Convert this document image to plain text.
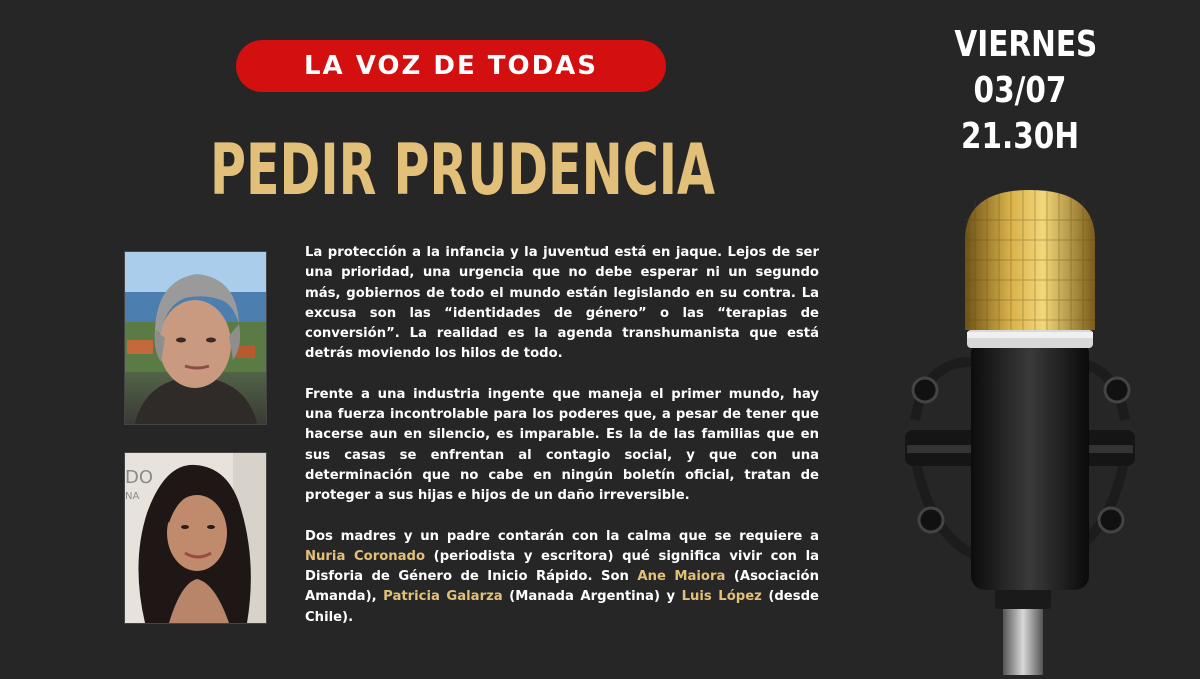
LA VOZ DE TODAS
PEDIR PRUDENCIA
VIERNES
03/07
21.30H
DO
NA

La protección a la infancia y la juventud está en jaque. Lejos de ser una prioridad, una urgencia que no debe esperar ni un segundo más, gobiernos de todo el mundo están legislando en su contra. La excusa son las “identidades de género” o las “terapias de conversión”. La realidad es la agenda transhumanista que está detrás moviendo los hilos de todo.

Frente a una industria ingente que maneja el primer mundo, hay una fuerza incontrolable para los poderes que, a pesar de tener que hacerse aun en silencio, es imparable. Es la de las familias que en sus casas se enfrentan al contagio social, y que con una determinación que no cabe en ningún boletín oficial, tratan de proteger a sus hijas e hijos de un daño irreversible.

Dos madres y un padre contarán con la calma que se requiere a Nuria Coronado (periodista y escritora) qué significa vivir con la Disforia de Género de Inicio Rápido. Son Ane Maiora (Asociación Amanda), Patricia Galarza (Manada Argentina) y Luis López (desde Chile).
